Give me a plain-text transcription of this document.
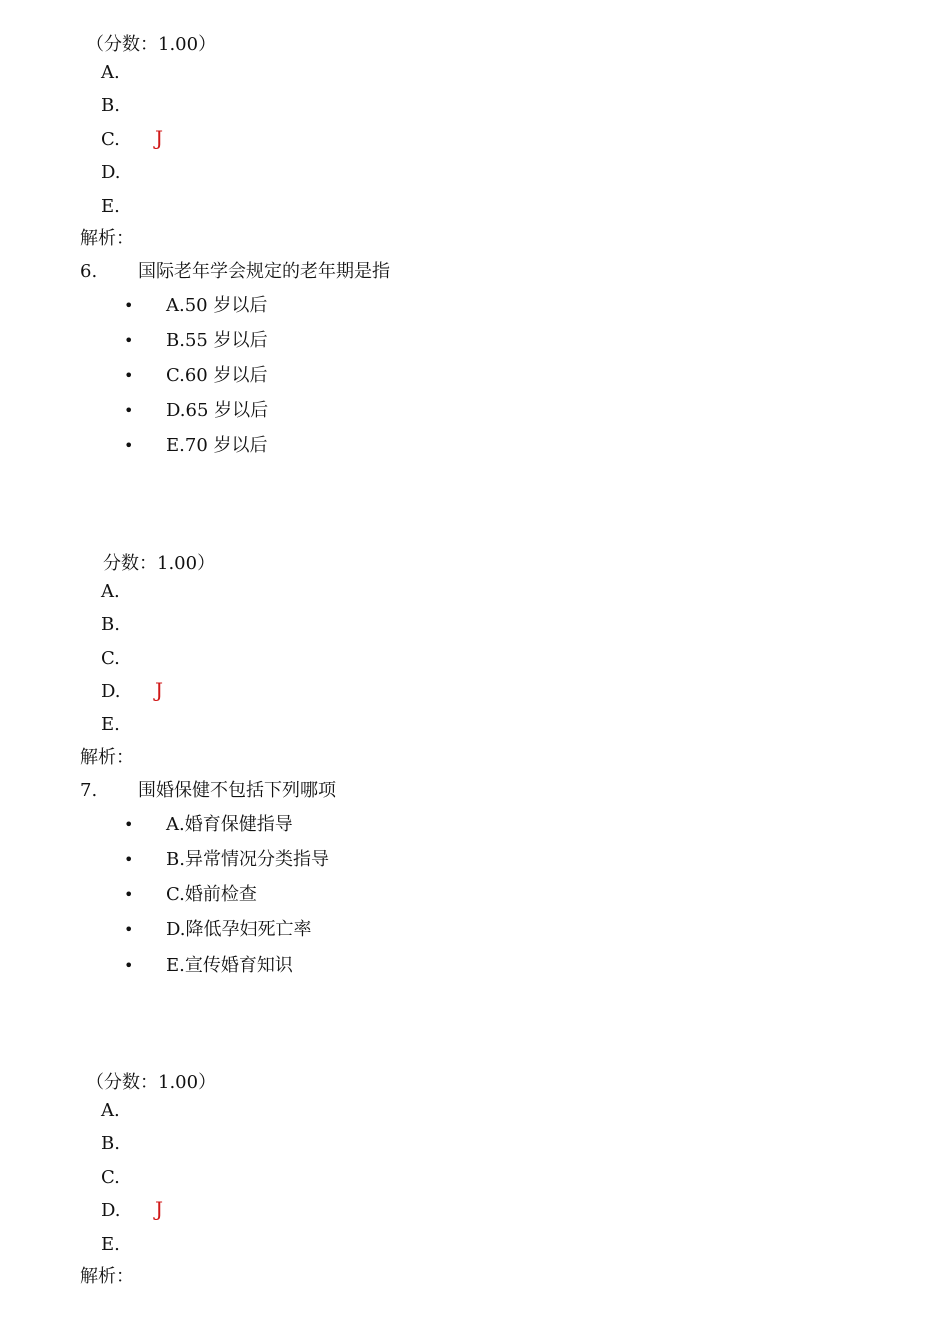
（分数：1.00）
A.
B.
C. J
D.
E.
解析：
6. 国际老年学会规定的老年期是指
• A.50 岁以后
• B.55 岁以后
• C.60 岁以后
• D.65 岁以后
• E.70 岁以后
分数：1.00）
A.
B.
C.
D. J
E.
解析：
7. 围婚保健不包括下列哪项
• A.婚育保健指导
• B.异常情况分类指导
• C.婚前检查
• D.降低孕妇死亡率
• E.宣传婚育知识
（分数：1.00）
A.
B.
C.
D. J
E.
解析：
